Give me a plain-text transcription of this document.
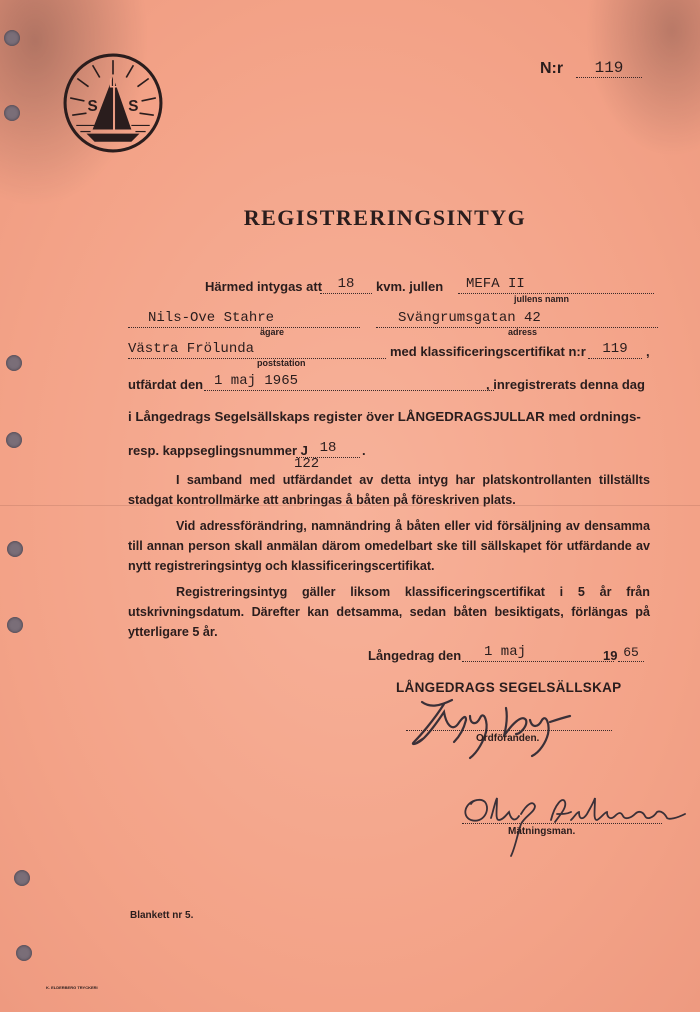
S
L
S
N:r	119
REGISTRERINGSINTYG
Härmed intygas att	18	kvm. jullen	MEFA II
jullens namn
Nils-Ove Stahre
ägare
Svängrumsgatan 42
adress
Västra Frölunda
poststation
med klassificeringscertifikat n:r	119	,
utfärdat den 1 maj 1965	, inregistrerats denna dag
i Långedrags Segelsällskaps register över LÅNGEDRAGSJULLAR med ordnings-
resp. kappseglingsnummer J 18	.
122
I samband med utfärdandet av detta intyg har platskontrollanten tillställts stadgat kontrollmärke att anbringas å båten på föreskriven plats.
Vid adressförändring, namnändring å båten eller vid försäljning av densamma till annan person skall anmälan därom omedelbart ske till sällskapet för utfärdande av nytt registreringsintyg och klassificeringscertifikat.
Registreringsintyg gäller liksom klassificeringscertifikat i 5 år från utskrivningsdatum. Därefter kan detsamma, sedan båten besiktigats, förlängas på ytterligare 5 år.
Långedrag den	1 maj	19 65
LÅNGEDRAGS SEGELSÄLLSKAP
Ordföranden.
Mätningsman.
Blankett nr 5.
K. ELDERBERG TRYCKERI
